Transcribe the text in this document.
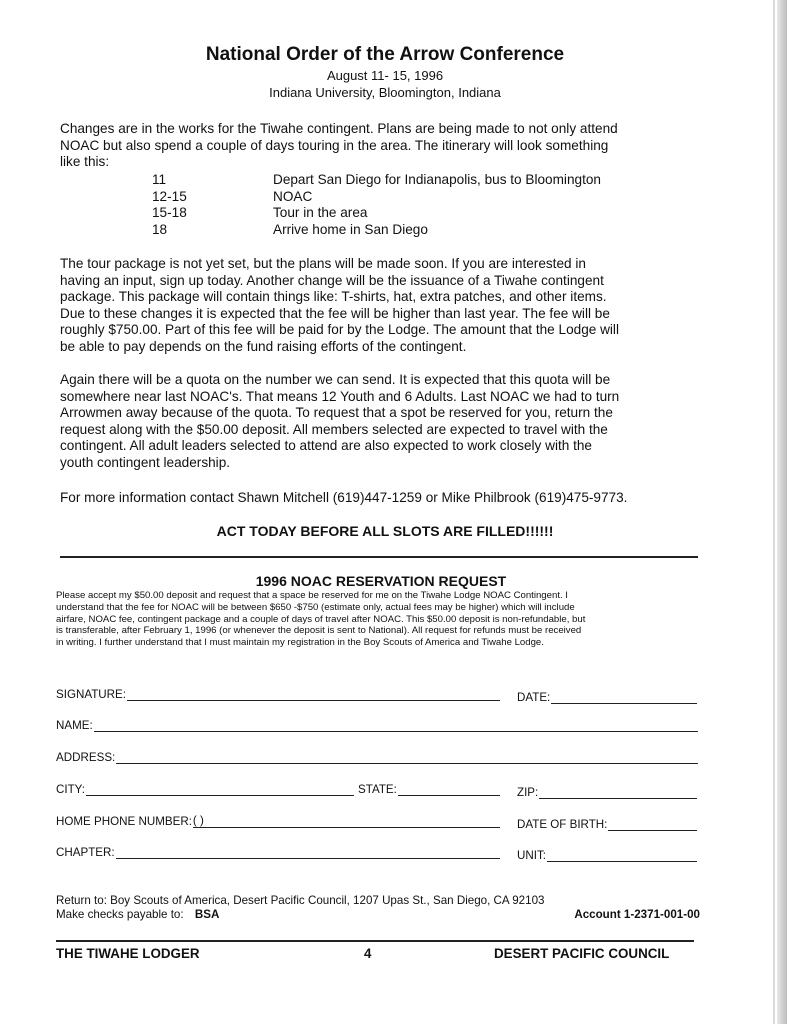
National Order of the Arrow Conference
August 11- 15, 1996
Indiana University, Bloomington, Indiana
Changes are in the works for the Tiwahe contingent. Plans are being made to not only attend
NOAC but also spend a couple of days touring in the area. The itinerary will look something
like this:
11	Depart San Diego for Indianapolis, bus to Bloomington
12-15	NOAC
15-18	Tour in the area
18	Arrive home in San Diego
The tour package is not yet set, but the plans will be made soon. If you are interested in
having an input, sign up today. Another change will be the issuance of a Tiwahe contingent
package. This package will contain things like: T-shirts, hat, extra patches, and other items.
Due to these changes it is expected that the fee will be higher than last year. The fee will be
roughly $750.00. Part of this fee will be paid for by the Lodge. The amount that the Lodge will
be able to pay depends on the fund raising efforts of the contingent.
Again there will be a quota on the number we can send. It is expected that this quota will be
somewhere near last NOAC's. That means 12 Youth and 6 Adults. Last NOAC we had to turn
Arrowmen away because of the quota. To request that a spot be reserved for you, return the
request along with the $50.00 deposit. All members selected are expected to travel with the
contingent. All adult leaders selected to attend are also expected to work closely with the
youth contingent leadership.
For more information contact Shawn Mitchell (619)447-1259 or Mike Philbrook (619)475-9773.
ACT TODAY BEFORE ALL SLOTS ARE FILLED!!!!!!
1996 NOAC RESERVATION REQUEST
Please accept my $50.00 deposit and request that a space be reserved for me on the Tiwahe Lodge NOAC Contingent. I
understand that the fee for NOAC will be between $650 -$750 (estimate only, actual fees may be higher) which will include
airfare, NOAC fee, contingent package and a couple of days of travel after NOAC. This $50.00 deposit is non-refundable, but
is transferable, after February 1, 1996 (or whenever the deposit is sent to National). All request for refunds must be received
in writing. I further understand that I must maintain my registration in the Boy Scouts of America and Tiwahe Lodge.
SIGNATURE:	DATE:
NAME:
ADDRESS:
CITY:	STATE:	ZIP:
HOME PHONE NUMBER: ( )	DATE OF BIRTH:
CHAPTER:	UNIT:
Return to: Boy Scouts of America, Desert Pacific Council, 1207 Upas St., San Diego, CA 92103
Make checks payable to: BSA	Account 1-2371-001-00
THE TIWAHE LODGER	4	DESERT PACIFIC COUNCIL
